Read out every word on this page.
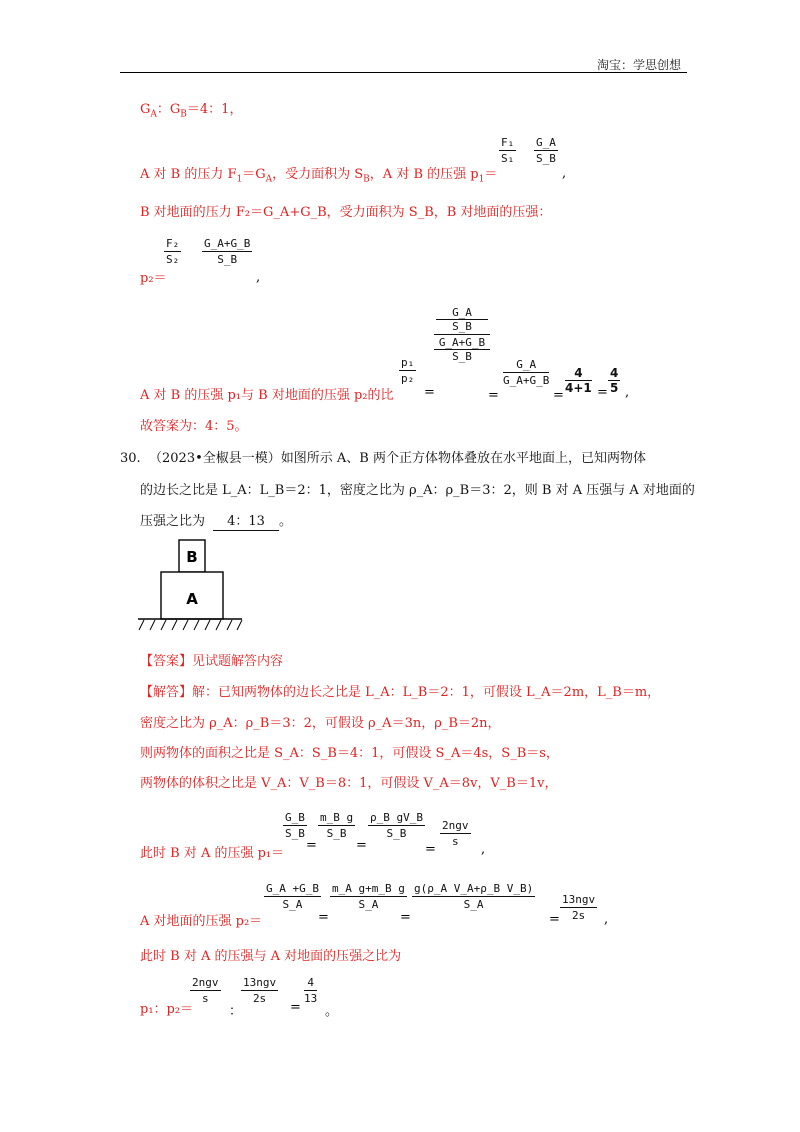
淘宝：学思创想
$G_A$：$G_B=4$：1，
A 对 B 的压力 $F_1=G_A$，受力面积为 $S_B$，A 对 B 的压强 $p_1=$
$\frac{\text{F₁}}{\text{S₁}} \frac{G\_A}{S\_B}$
,
B 对地面的压力 F₂＝G_A+G_B，受力面积为 S_B，B 对地面的压强：
p₂＝
$\frac{\text{F₂}}{\text{S₂}} \frac{G\_A+G\_B}{S\_B}$
,
A 对 B 的压强 p₁与 B 对地面的压强 p₂的比
$\frac{\text{p₁}}{\text{p₂}}$
G_A
S_B
G_A+G_B
S_B
$\frac{G\_A}{G\_A+G\_B}$	4
4+1
4
5
=	=	=	= ,
故答案为：4：5。
30. （2023•全椒县一模）如图所示 A、B 两个正方体物体叠放在水平地面上，已知两物体
的边长之比是 L_A：L_B＝2：1，密度之比为 ρ_A：ρ_B＝3：2，则 B 对 A 压强与 A 对地面的
压强之比为 4：13 。
B
A
【答案】见试题解答内容
【解答】解：已知两物体的边长之比是 L_A：L_B＝2：1，可假设 L_A＝2m，L_B＝m，
密度之比为 ρ_A：ρ_B＝3：2，可假设 ρ_A＝3n，ρ_B＝2n，
则两物体的面积之比是 S_A：S_B＝4：1，可假设 S_A＝4s，S_B＝s，
两物体的体积之比是 V_A：V_B＝8：1，可假设 V_A＝8v，V_B＝1v，
此时 B 对 A 的压强 p₁＝
$\frac{G\_B}{S\_B} \frac{\text{m\_B g}}{S\_B} \frac{\text{ρ\_B gV\_B}}{S\_B} 2ngv$
s
=	=	=	,
A 对地面的压强 p₂＝
$\frac{G\_A +G\_B}{S\_A} \frac{\text{m\_A g+m\_B g}}{S\_A} \frac{\text{g(ρ\_A V\_A+ρ\_B V\_B)}}{S\_A} 13ngv$
2s
=	=	=	,
此时 B 对 A 的压强与 A 对地面的压强之比为
p₁：p₂＝
2ngv
s
13ngv
2s	$\frac{4}{13}$
：	= 。
